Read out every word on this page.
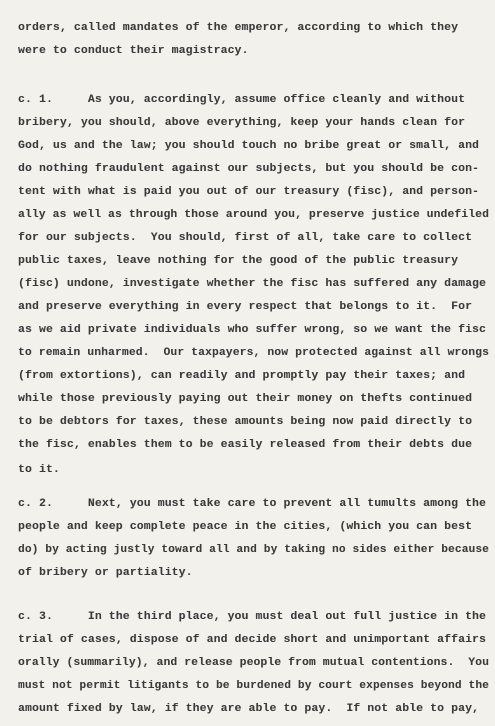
orders, called mandates of the emperor, according to which they
were to conduct their magistracy.
c. 1.     As you, accordingly, assume office cleanly and without
bribery, you should, above everything, keep your hands clean for
God, us and the law; you should touch no bribe great or small, and
do nothing fraudulent against our subjects, but you should be con-
tent with what is paid you out of our treasury (fisc), and person-
ally as well as through those around you, preserve justice undefiled
for our subjects.  You should, first of all, take care to collect
public taxes, leave nothing for the good of the public treasury
(fisc) undone, investigate whether the fisc has suffered any damage
and preserve everything in every respect that belongs to it.  For
as we aid private individuals who suffer wrong, so we want the fisc
to remain unharmed.  Our taxpayers, now protected against all wrongs
(from extortions), can readily and promptly pay their taxes; and
while those previously paying out their money on thefts continued
to be debtors for taxes, these amounts being now paid directly to
the fisc, enables them to be easily released from their debts due
to it.
c. 2.     Next, you must take care to prevent all tumults among the
people and keep complete peace in the cities, (which you can best
do) by acting justly toward all and by taking no sides either because
of bribery or partiality.
c. 3.     In the third place, you must deal out full justice in the
trial of cases, dispose of and decide short and unimportant affairs
orally (summarily), and release people from mutual contentions.  You
must not permit litigants to be burdened by court expenses beyond the
amount fixed by law, if they are able to pay.  If not able to pay,
